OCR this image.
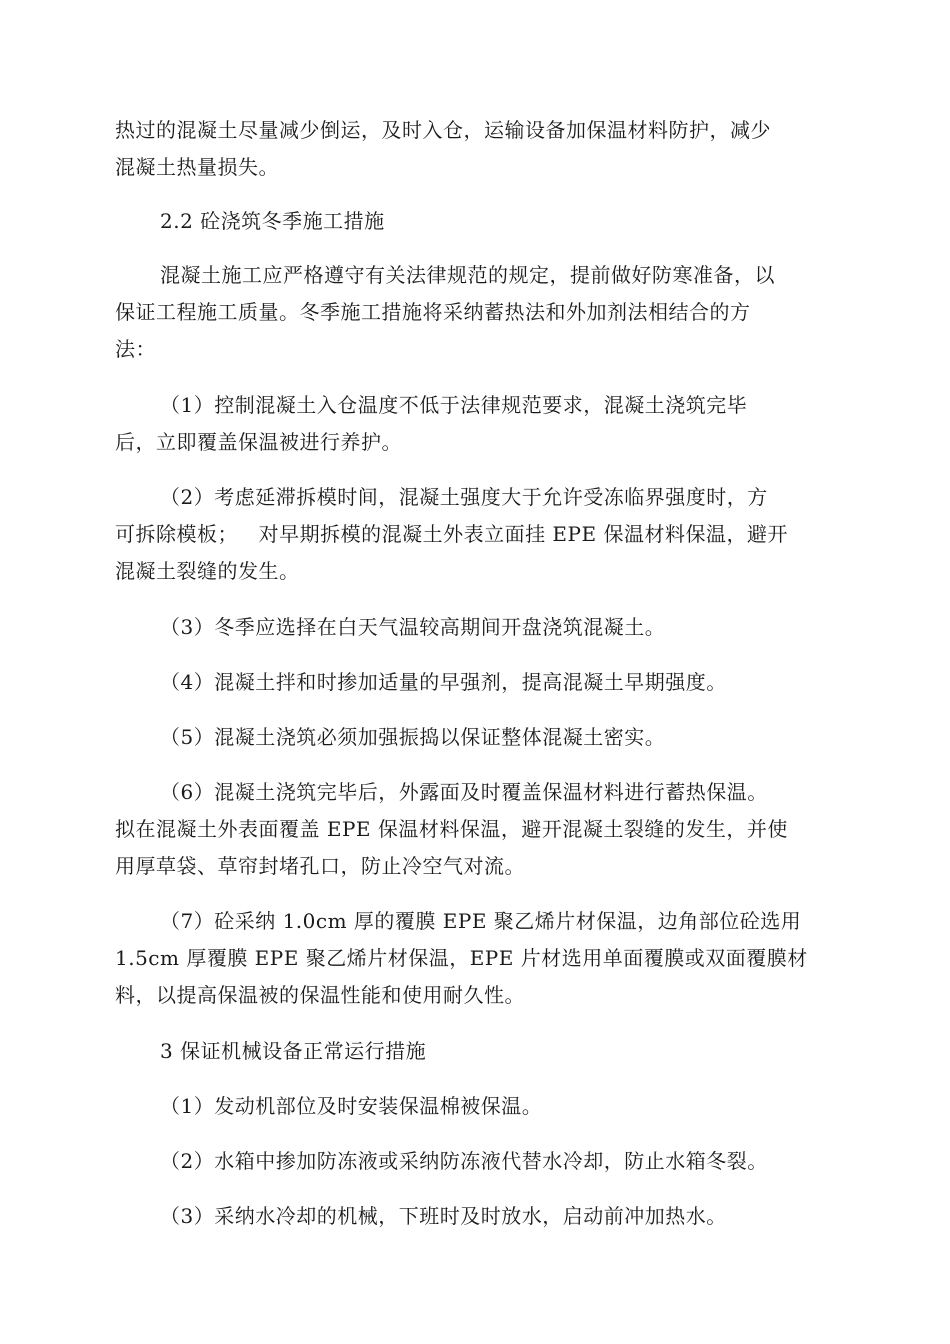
热过的混凝土尽量减少倒运，及时入仓，运输设备加保温材料防护，减少
混凝土热量损失。
2.2 砼浇筑冬季施工措施
混凝土施工应严格遵守有关法律规范的规定，提前做好防寒准备，以
保证工程施工质量。冬季施工措施将采纳蓄热法和外加剂法相结合的方
法：
（1）控制混凝土入仓温度不低于法律规范要求，混凝土浇筑完毕
后，立即覆盖保温被进行养护。
（2）考虑延滞拆模时间，混凝土强度大于允许受冻临界强度时，方
可拆除模板；   对早期拆模的混凝土外表立面挂 EPE 保温材料保温，避开
混凝土裂缝的发生。
（3）冬季应选择在白天气温较高期间开盘浇筑混凝土。
（4）混凝土拌和时掺加适量的早强剂，提高混凝土早期强度。
（5）混凝土浇筑必须加强振捣以保证整体混凝土密实。
（6）混凝土浇筑完毕后，外露面及时覆盖保温材料进行蓄热保温。
拟在混凝土外表面覆盖 EPE 保温材料保温，避开混凝土裂缝的发生，并使
用厚草袋、草帘封堵孔口，防止冷空气对流。
（7）砼采纳 1.0cm 厚的覆膜 EPE 聚乙烯片材保温，边角部位砼选用
1.5cm 厚覆膜 EPE 聚乙烯片材保温，EPE 片材选用单面覆膜或双面覆膜材
料，以提高保温被的保温性能和使用耐久性。
3 保证机械设备正常运行措施
（1）发动机部位及时安装保温棉被保温。
（2）水箱中掺加防冻液或采纳防冻液代替水冷却，防止水箱冬裂。
（3）采纳水冷却的机械，下班时及时放水，启动前冲加热水。
